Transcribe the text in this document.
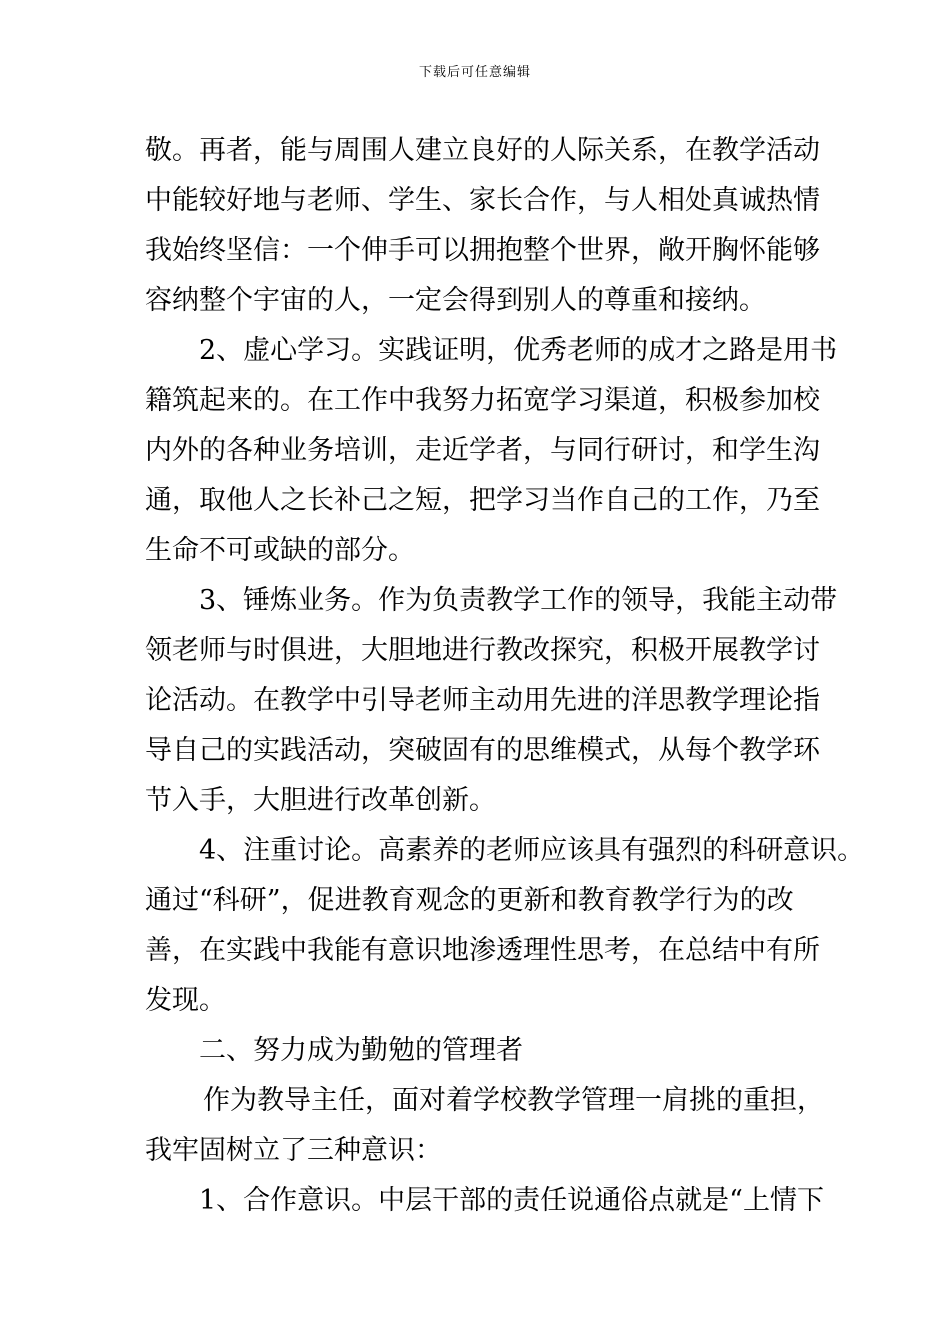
下载后可任意编辑
敬。再者，能与周围人建立良好的人际关系，在教学活动
中能较好地与老师、学生、家长合作，与人相处真诚热情
我始终坚信：一个伸手可以拥抱整个世界，敞开胸怀能够
容纳整个宇宙的人，一定会得到别人的尊重和接纳。
2、虚心学习。实践证明，优秀老师的成才之路是用书
籍筑起来的。在工作中我努力拓宽学习渠道，积极参加校
内外的各种业务培训，走近学者，与同行研讨，和学生沟
通，取他人之长补己之短，把学习当作自己的工作，乃至
生命不可或缺的部分。
3、锤炼业务。作为负责教学工作的领导，我能主动带
领老师与时俱进，大胆地进行教改探究，积极开展教学讨
论活动。在教学中引导老师主动用先进的洋思教学理论指
导自己的实践活动，突破固有的思维模式，从每个教学环
节入手，大胆进行改革创新。
4、注重讨论。高素养的老师应该具有强烈的科研意识。
通过“科研”，促进教育观念的更新和教育教学行为的改
善，在实践中我能有意识地渗透理性思考，在总结中有所
发现。
二、努力成为勤勉的管理者
作为教导主任，面对着学校教学管理一肩挑的重担，
我牢固树立了三种意识：
1、合作意识。中层干部的责任说通俗点就是“上情下
